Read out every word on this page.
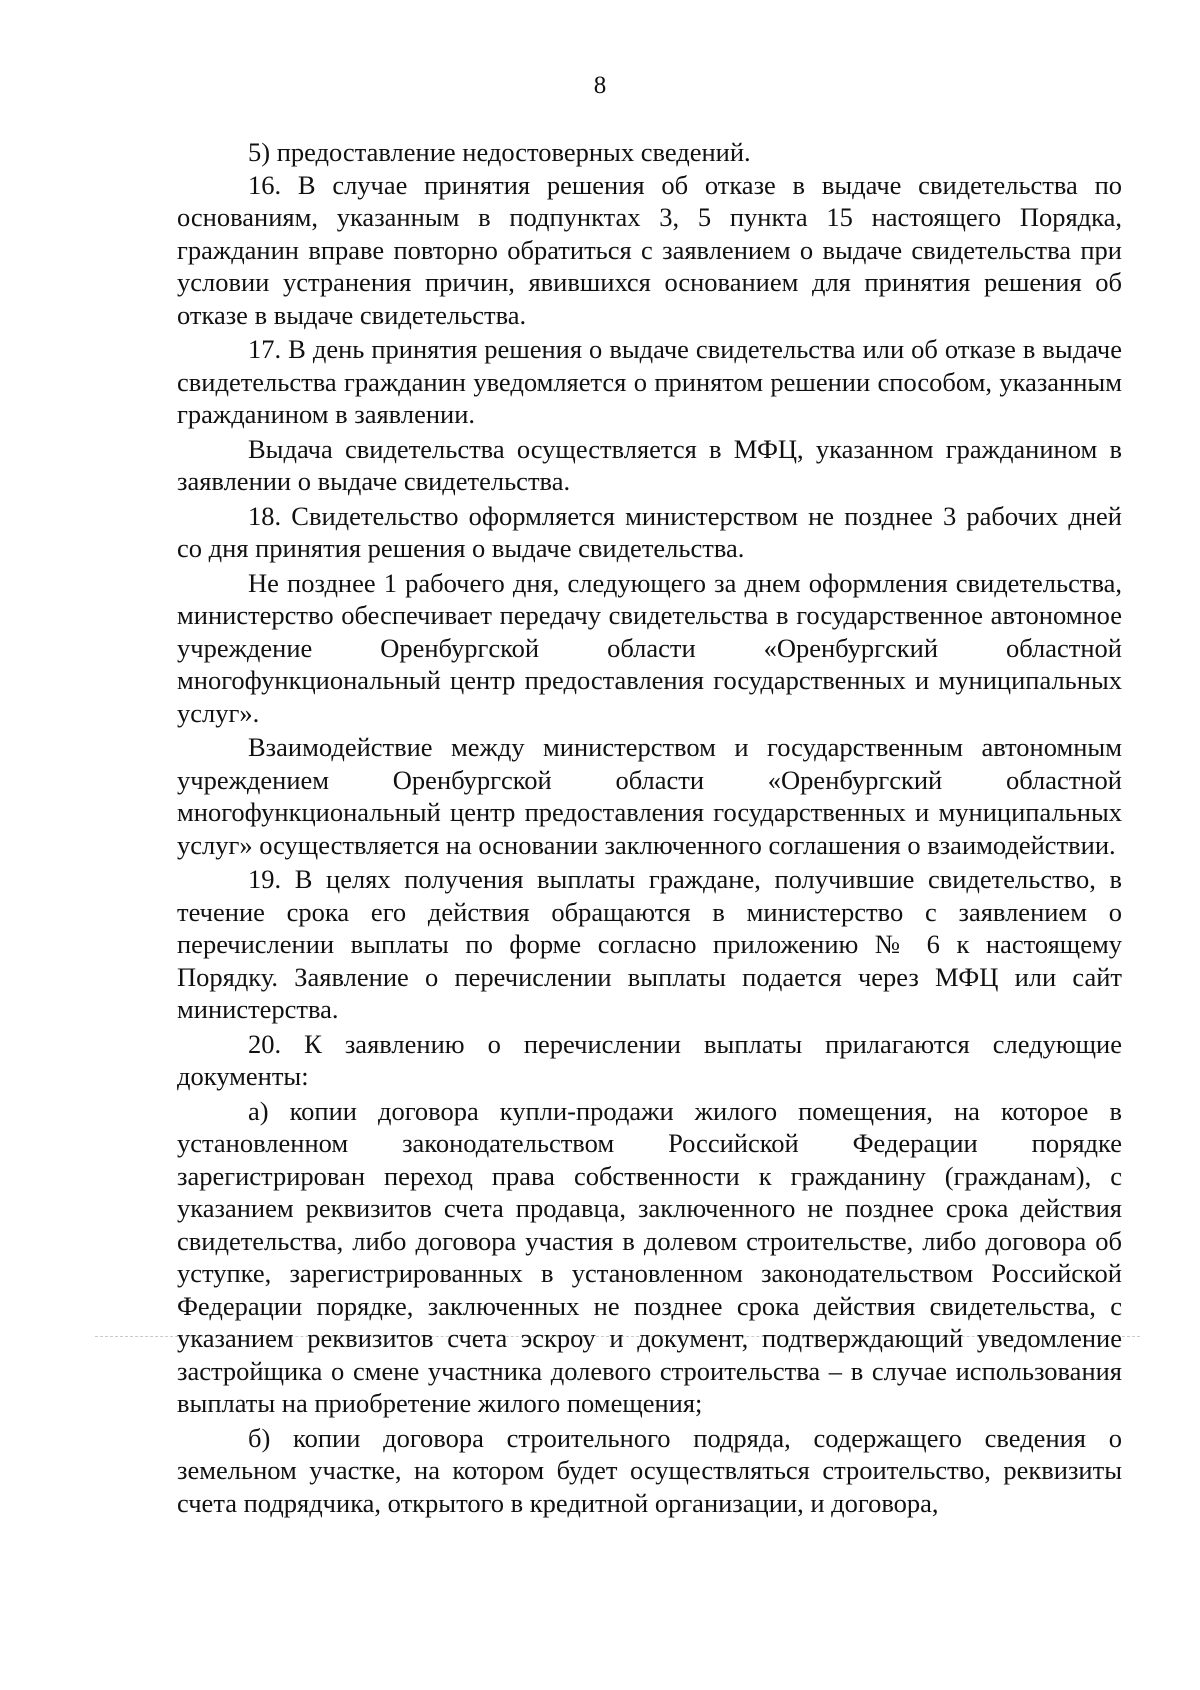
8

5) предоставление недостоверных сведений.

16. В случае принятия решения об отказе в выдаче свидетельства по основаниям, указанным в подпунктах 3, 5 пункта 15 настоящего Порядка, гражданин вправе повторно обратиться с заявлением о выдаче свидетельства при условии устранения причин, явившихся основанием для принятия решения об отказе в выдаче свидетельства.

17. В день принятия решения о выдаче свидетельства или об отказе в выдаче свидетельства гражданин уведомляется о принятом решении способом, указанным гражданином в заявлении.

Выдача свидетельства осуществляется в МФЦ, указанном гражданином в заявлении о выдаче свидетельства.

18. Свидетельство оформляется министерством не позднее 3 рабочих дней со дня принятия решения о выдаче свидетельства.

Не позднее 1 рабочего дня, следующего за днем оформления свидетельства, министерство обеспечивает передачу свидетельства в государственное автономное учреждение Оренбургской области «Оренбургский областной многофункциональный центр предоставления государственных и муниципальных услуг».

Взаимодействие между министерством и государственным автономным учреждением Оренбургской области «Оренбургский областной многофункциональный центр предоставления государственных и муниципальных услуг» осуществляется на основании заключенного соглашения о взаимодействии.

19. В целях получения выплаты граждане, получившие свидетельство, в течение срока его действия обращаются в министерство с заявлением о перечислении выплаты по форме согласно приложению № 6 к настоящему Порядку. Заявление о перечислении выплаты подается через МФЦ или сайт министерства.

20. К заявлению о перечислении выплаты прилагаются следующие документы:

а) копии договора купли-продажи жилого помещения, на которое в установленном законодательством Российской Федерации порядке зарегистрирован переход права собственности к гражданину (гражданам), с указанием реквизитов счета продавца, заключенного не позднее срока действия свидетельства, либо договора участия в долевом строительстве, либо договора об уступке, зарегистрированных в установленном законодательством Российской Федерации порядке, заключенных не позднее срока действия свидетельства, с указанием реквизитов счета эскроу и документ, подтверждающий уведомление застройщика о смене участника долевого строительства – в случае использования выплаты на приобретение жилого помещения;

б) копии договора строительного подряда, содержащего сведения о земельном участке, на котором будет осуществляться строительство, реквизиты счета подрядчика, открытого в кредитной организации, и договора,
